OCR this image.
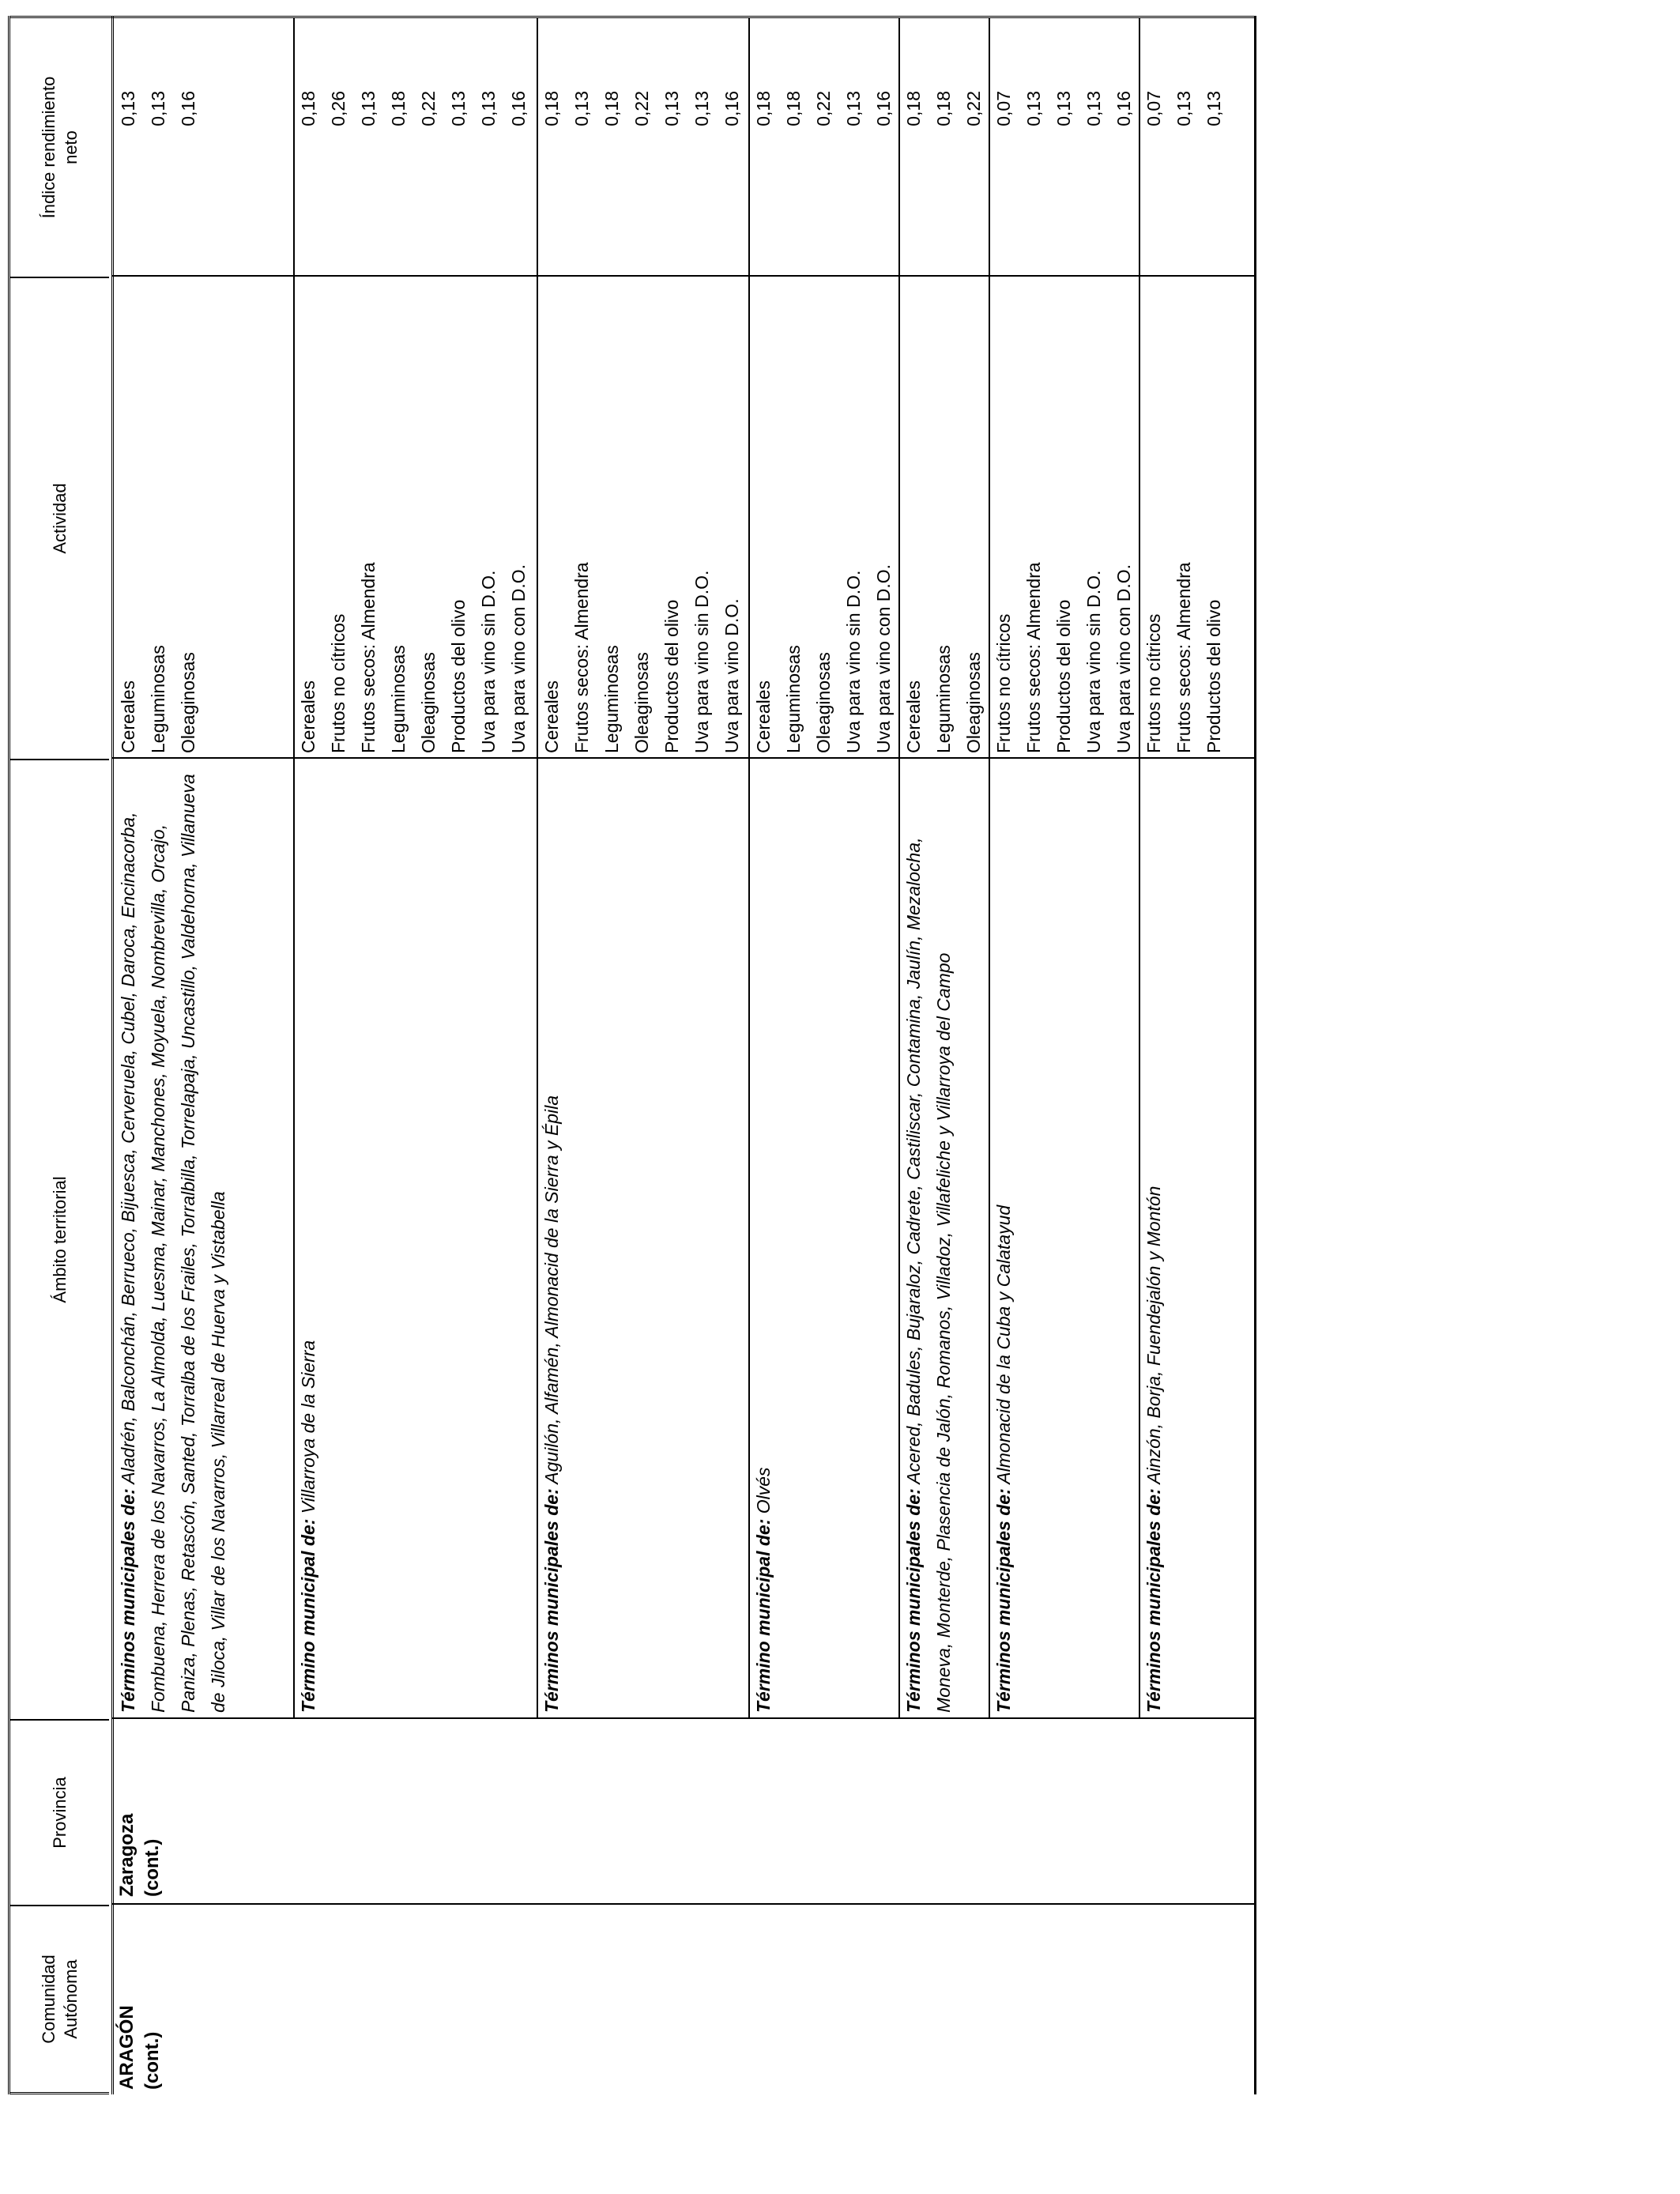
Comunidad Autónoma
Provincia
Ámbito territorial
Actividad
Índice rendimiento neto
ARAGÓN (cont.)
Zaragoza (cont.)
Términos municipales de: Aladrén, Balconchán, Berrueco, Bijuesca, Cerveruela, Cubel, Daroca, Encinacorba, Fombuena, Herrera de los Navarros, La Almolda, Luesma, Mainar, Manchones, Moyuela, Nombrevilla, Orcajo, Paniza, Plenas, Retascón, Santed, Torralba de los Frailes, Torralbilla, Torrelapaja, Uncastillo, Valdehorna, Villanueva de Jiloca, Villar de los Navarros, Villarreal de Huerva y Vistabella
Cereales Leguminosas Oleaginosas
0,13 0,13 0,16
Término municipal de: Villarroya de la Sierra
Cereales Frutos no cítricos Frutos secos: Almendra Leguminosas Oleaginosas Productos del olivo Uva para vino sin D.O. Uva para vino con D.O.
0,18 0,26 0,13 0,18 0,22 0,13 0,13 0,16
Términos municipales de: Aguilón, Alfamén, Almonacid de la Sierra y Épila
Cereales Frutos secos: Almendra Leguminosas Oleaginosas Productos del olivo Uva para vino sin D.O. Uva para vino D.O.
0,18 0,13 0,18 0,22 0,13 0,13 0,16
Término municipal de: Olvés
Cereales Leguminosas Oleaginosas Uva para vino sin D.O. Uva para vino con D.O.
0,18 0,18 0,22 0,13 0,16
Términos municipales de: Acered, Badules, Bujaraloz, Cadrete, Castiliscar, Contamina, Jaulín, Mezalocha, Moneva, Monterde, Plasencia de Jalón, Romanos, Villadoz, Villafeliche y Villarroya del Campo
Cereales Leguminosas Oleaginosas
0,18 0,18 0,22
Términos municipales de: Almonacid de la Cuba y Calatayud
Frutos no cítricos Frutos secos: Almendra Productos del olivo Uva para vino sin D.O. Uva para vino con D.O.
0,07 0,13 0,13 0,13 0,16
Términos municipales de: Ainzón, Borja, Fuendejalón y Montón
Frutos no cítricos Frutos secos: Almendra Productos del olivo
0,07 0,13 0,13
